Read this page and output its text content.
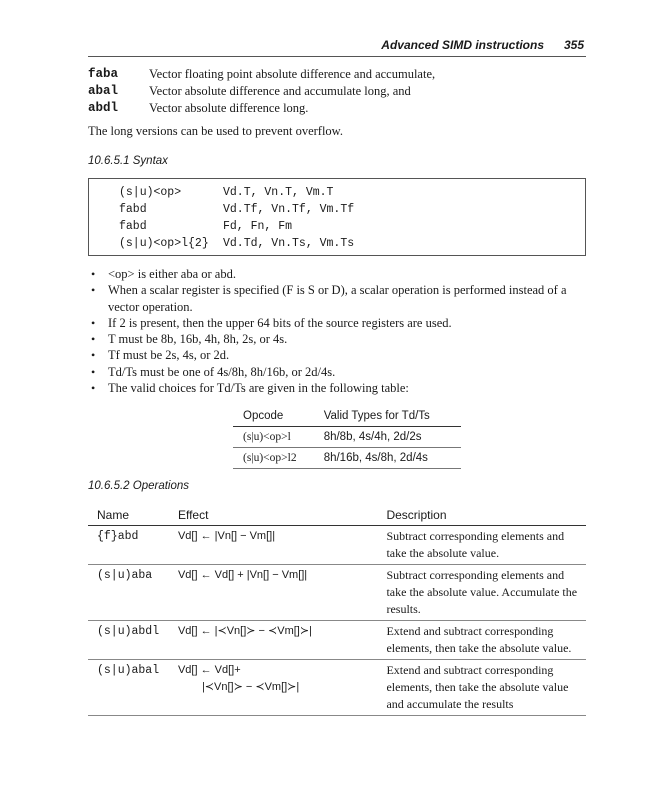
Advanced SIMD instructions 355
faba Vector floating point absolute difference and accumulate,
abal Vector absolute difference and accumulate long, and
abdl Vector absolute difference long.
The long versions can be used to prevent overflow.
10.6.5.1 Syntax
(s|u)<op>	Vd.T, Vn.T, Vm.T
fabd	Vd.Tf, Vn.Tf, Vm.Tf
fabd	Fd, Fn, Fm
(s|u)<op>l{2} Vd.Td, Vn.Ts, Vm.Ts
• <op> is either aba or abd.
• When a scalar register is specified (F is S or D), a scalar operation is performed instead of a vector operation.
• If 2 is present, then the upper 64 bits of the source registers are used.
• T must be 8b, 16b, 4h, 8h, 2s, or 4s.
• Tf must be 2s, 4s, or 2d.
• Td/Ts must be one of 4s/8h, 8h/16b, or 2d/4s.
• The valid choices for Td/Ts are given in the following table:
Opcode	Valid Types for Td/Ts
(s|u)<op>l	8h/8b, 4s/4h, 2d/2s
(s|u)<op>l2	8h/16b, 4s/8h, 2d/4s
10.6.5.2 Operations
Name	Effect	Description
{f}abd	Vd[] ← |Vn[] − Vm[]|	Subtract corresponding elements and take the absolute value.
(s|u)aba	Vd[] ← Vd[] + |Vn[] − Vm[]|	Subtract corresponding elements and take the absolute value. Accumulate the results.
(s|u)abdl	Vd[] ← |≺Vn[]≻ − ≺Vm[]≻|	Extend and subtract corresponding elements, then take the absolute value.
(s|u)abal	Vd[] ← Vd[]+
|≺Vn[]≻ − ≺Vm[]≻|	Extend and subtract corresponding elements, then take the absolute value and accumulate the results
